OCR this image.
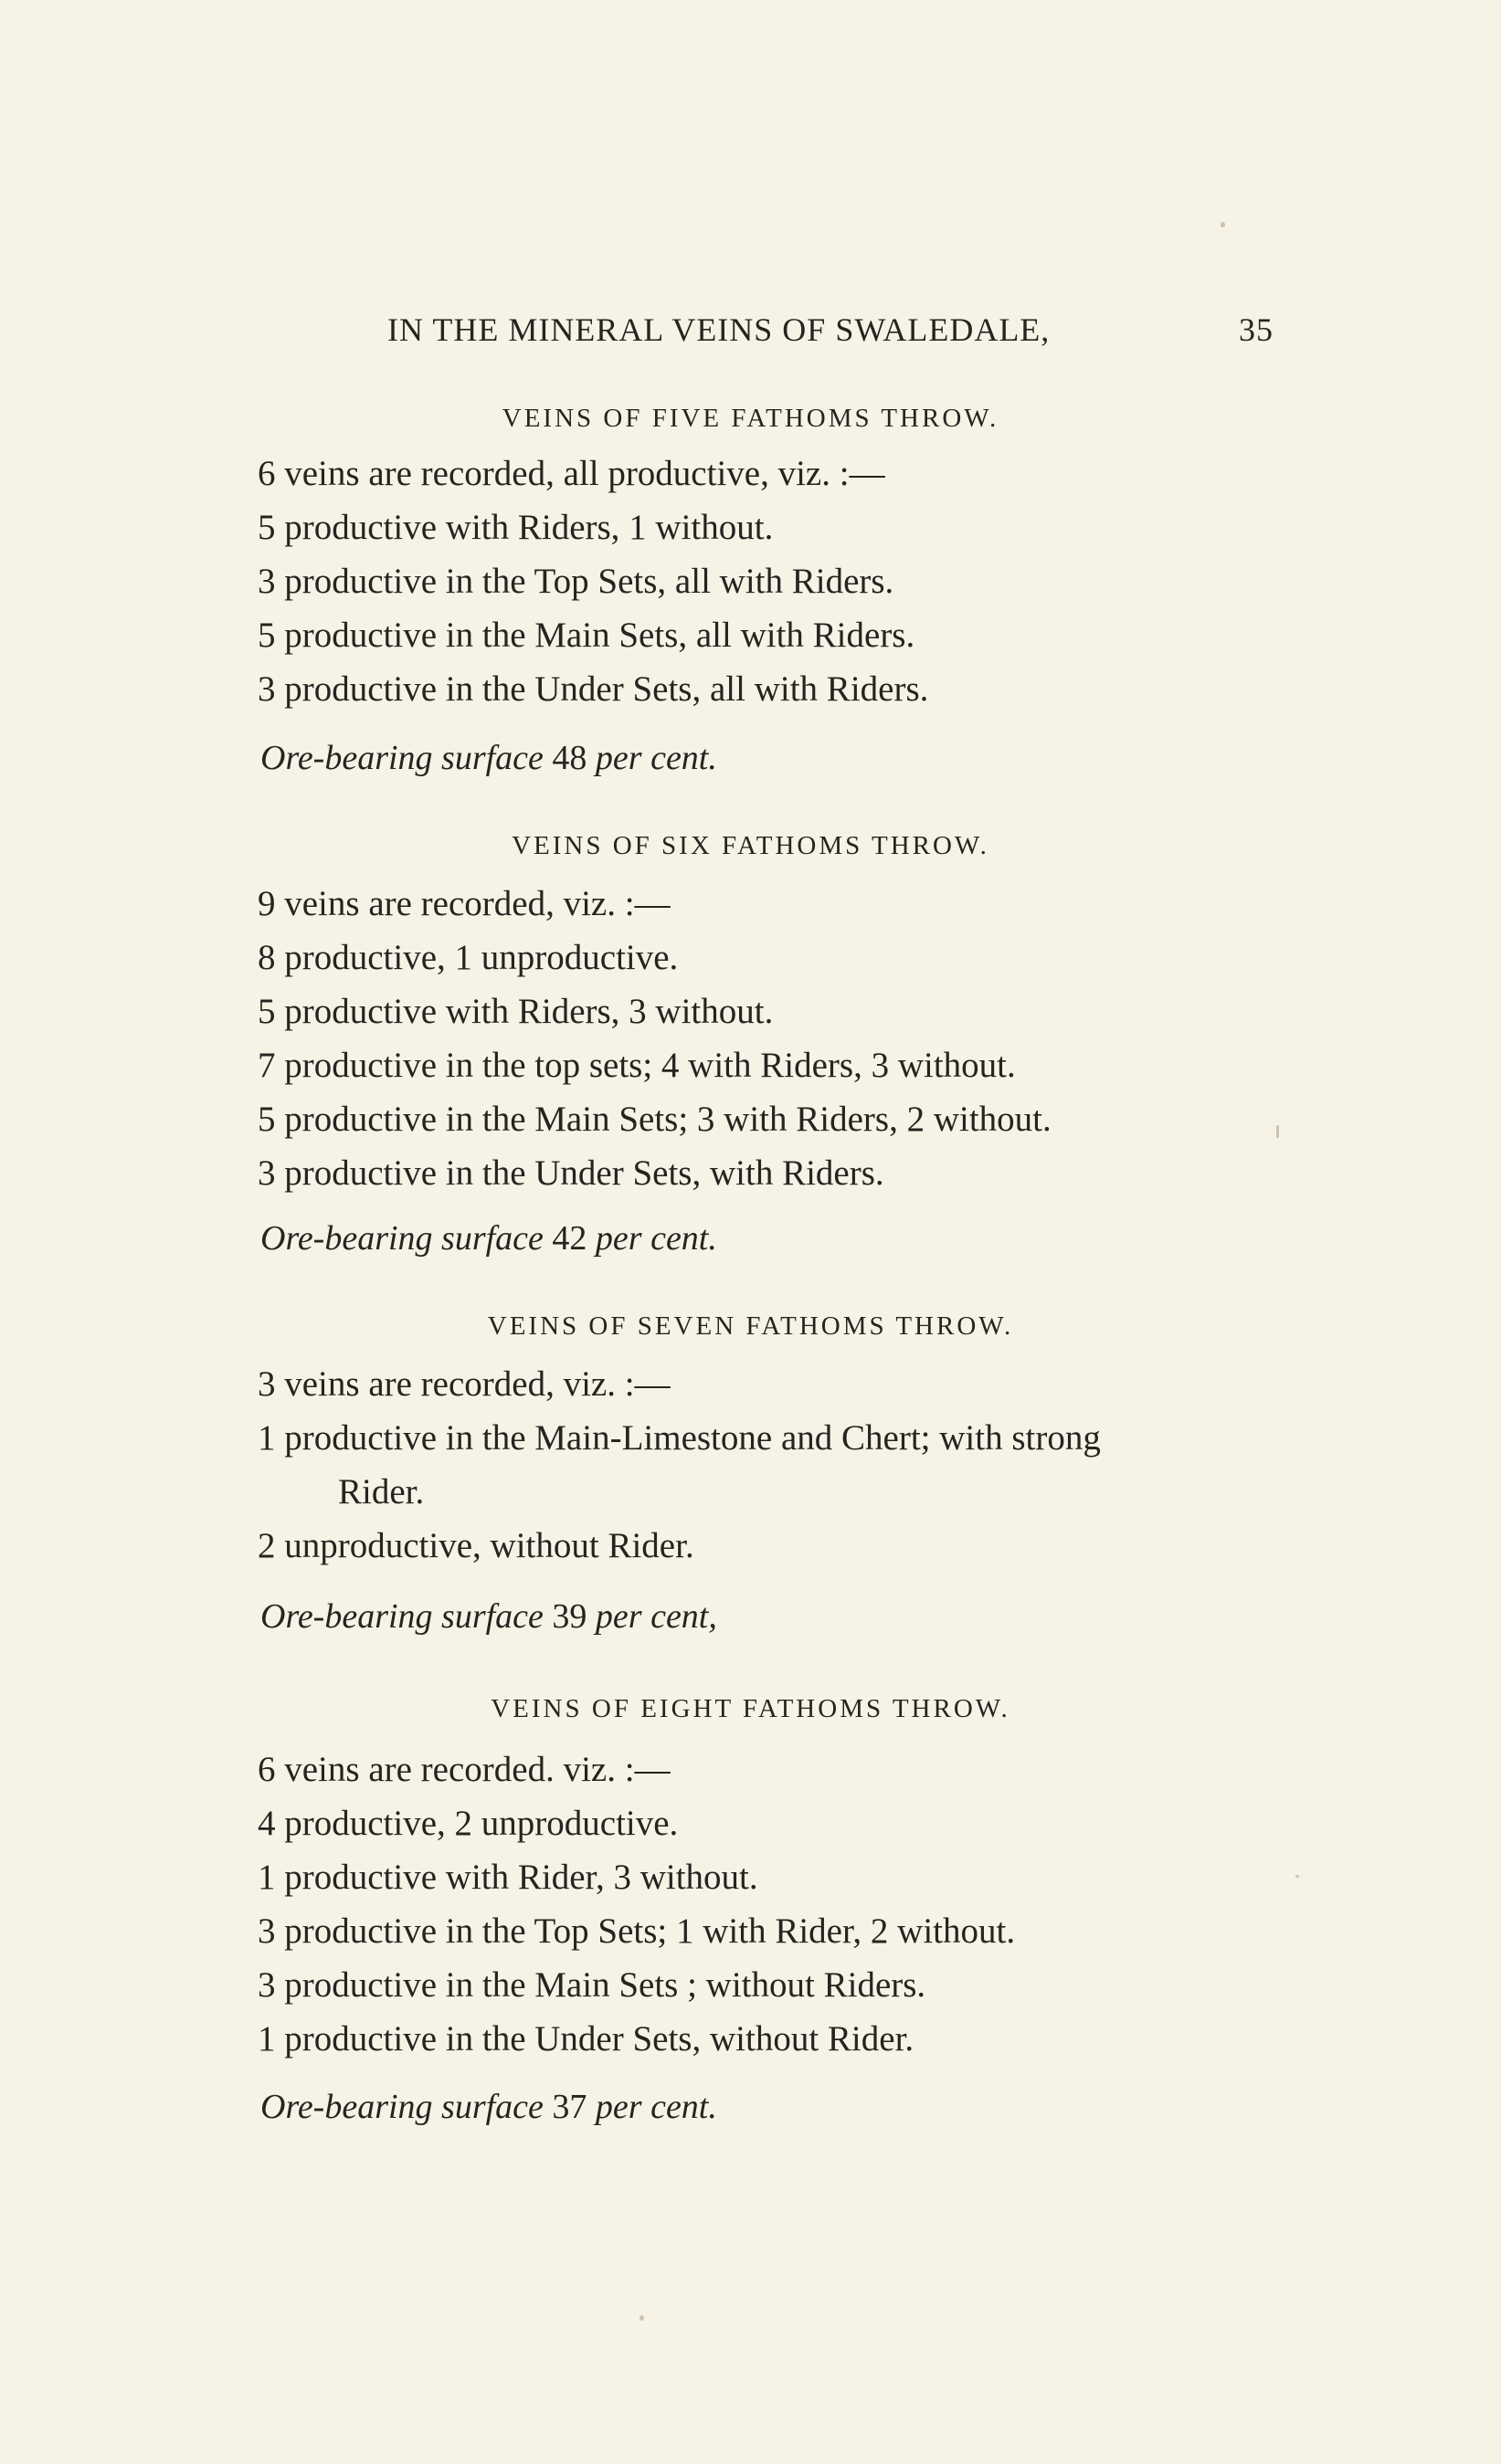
IN THE MINERAL VEINS OF SWALEDALE,	35
VEINS OF FIVE FATHOMS THROW.
6 veins are recorded, all productive, viz. :—
5 productive with Riders, 1 without.
3 productive in the Top Sets, all with Riders.
5 productive in the Main Sets, all with Riders.
3 productive in the Under Sets, all with Riders.
Ore-bearing surface 48 per cent.
VEINS OF SIX FATHOMS THROW.
9 veins are recorded, viz. :—
8 productive, 1 unproductive.
5 productive with Riders, 3 without.
7 productive in the top sets; 4 with Riders, 3 without.
5 productive in the Main Sets; 3 with Riders, 2 without.
3 productive in the Under Sets, with Riders.
Ore-bearing surface 42 per cent.
VEINS OF SEVEN FATHOMS THROW.
3 veins are recorded, viz. :—
1 productive in the Main-Limestone and Chert; with strong
Rider.
2 unproductive, without Rider.
Ore-bearing surface 39 per cent,
VEINS OF EIGHT FATHOMS THROW.
6 veins are recorded. viz. :—
4 productive, 2 unproductive.
1 productive with Rider, 3 without.
3 productive in the Top Sets; 1 with Rider, 2 without.
3 productive in the Main Sets ; without Riders.
1 productive in the Under Sets, without Rider.
Ore-bearing surface 37 per cent.
